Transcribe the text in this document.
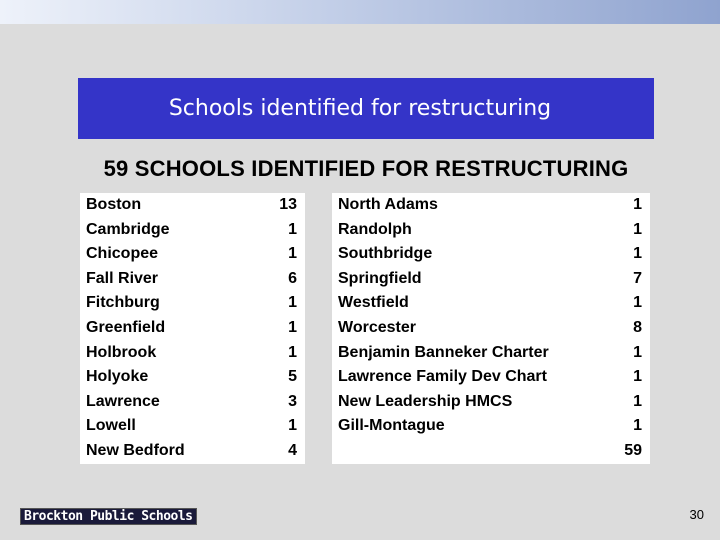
Schools identified for restructuring
59 SCHOOLS IDENTIFIED FOR RESTRUCTURING
Boston	13
Cambridge	1
Chicopee	1
Fall River	6
Fitchburg	1
Greenfield	1
Holbrook	1
Holyoke	5
Lawrence	3
Lowell	1
New Bedford	4
North Adams	1
Randolph	1
Southbridge	1
Springfield	7
Westfield	1
Worcester	8
Benjamin Banneker Charter	1
Lawrence Family Dev Chart	1
New Leadership HMCS	1
Gill-Montague	1
59
Brockton Public Schools	30
